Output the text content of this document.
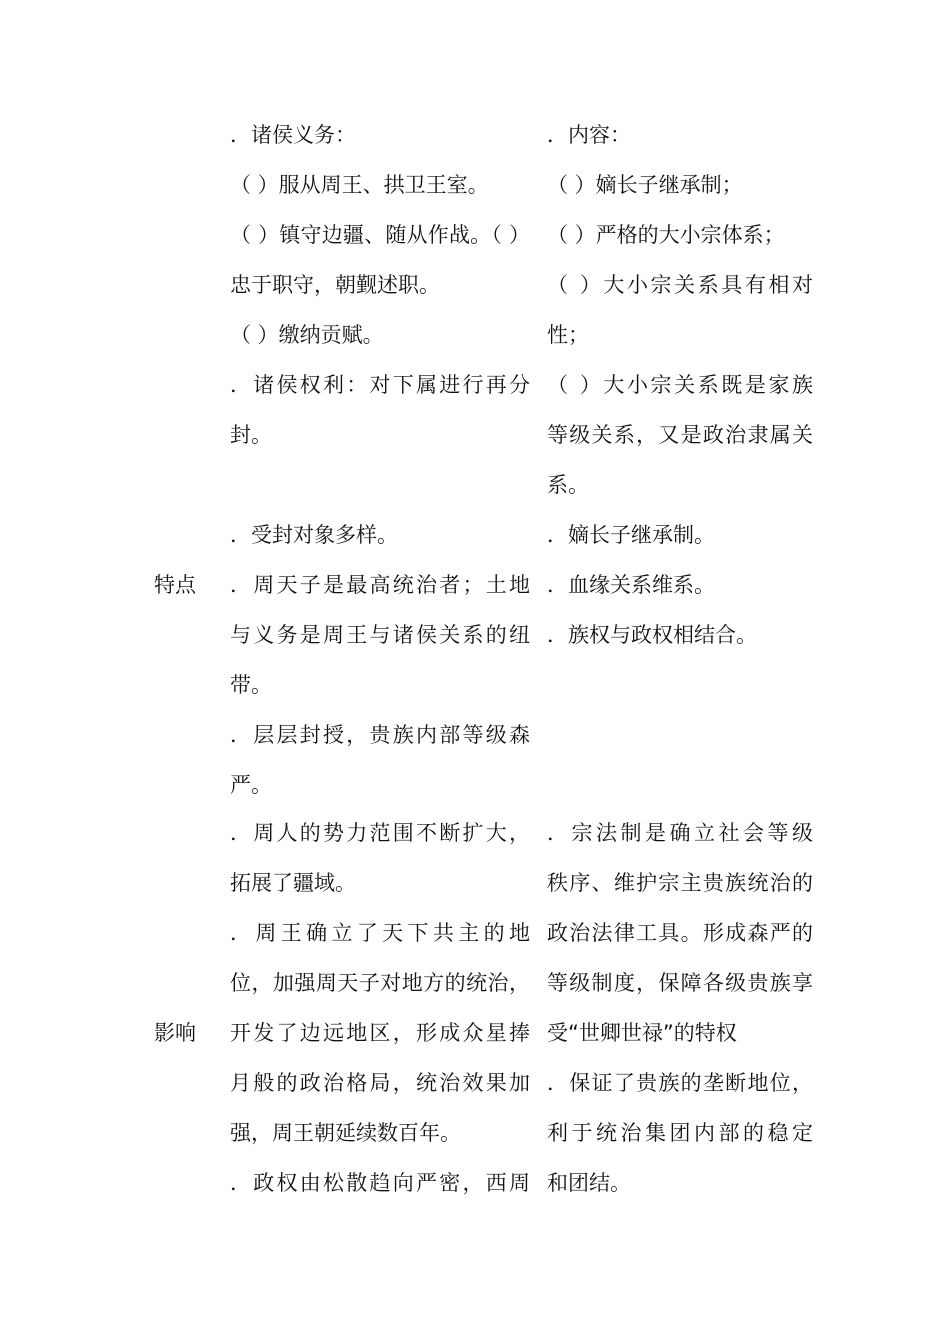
特点
影响
．诸侯义务：
（ ）服从周王、拱卫王室。
（ ）镇守边疆、随从作战。（ ）
忠于职守，朝觐述职。
（ ）缴纳贡赋。
．诸侯权利：对下属进行再分
封。
．受封对象多样。
．周天子是最高统治者；土地
与义务是周王与诸侯关系的纽
带。
．层层封授，贵族内部等级森
严。
．周人的势力范围不断扩大，
拓展了疆域。
．周王确立了天下共主的地
位，加强周天子对地方的统治，
开发了边远地区，形成众星捧
月般的政治格局，统治效果加
强，周王朝延续数百年。
．政权由松散趋向严密，西周
．内容：
（ ）嫡长子继承制；
（ ）严格的大小宗体系；
（ ）大小宗关系具有相对
性；
（ ）大小宗关系既是家族
等级关系，又是政治隶属关
系。
．嫡长子继承制。
．血缘关系维系。
．族权与政权相结合。
．宗法制是确立社会等级
秩序、维护宗主贵族统治的
政治法律工具。形成森严的
等级制度，保障各级贵族享
受“世卿世禄”的特权
．保证了贵族的垄断地位，
利于统治集团内部的稳定
和团结。
